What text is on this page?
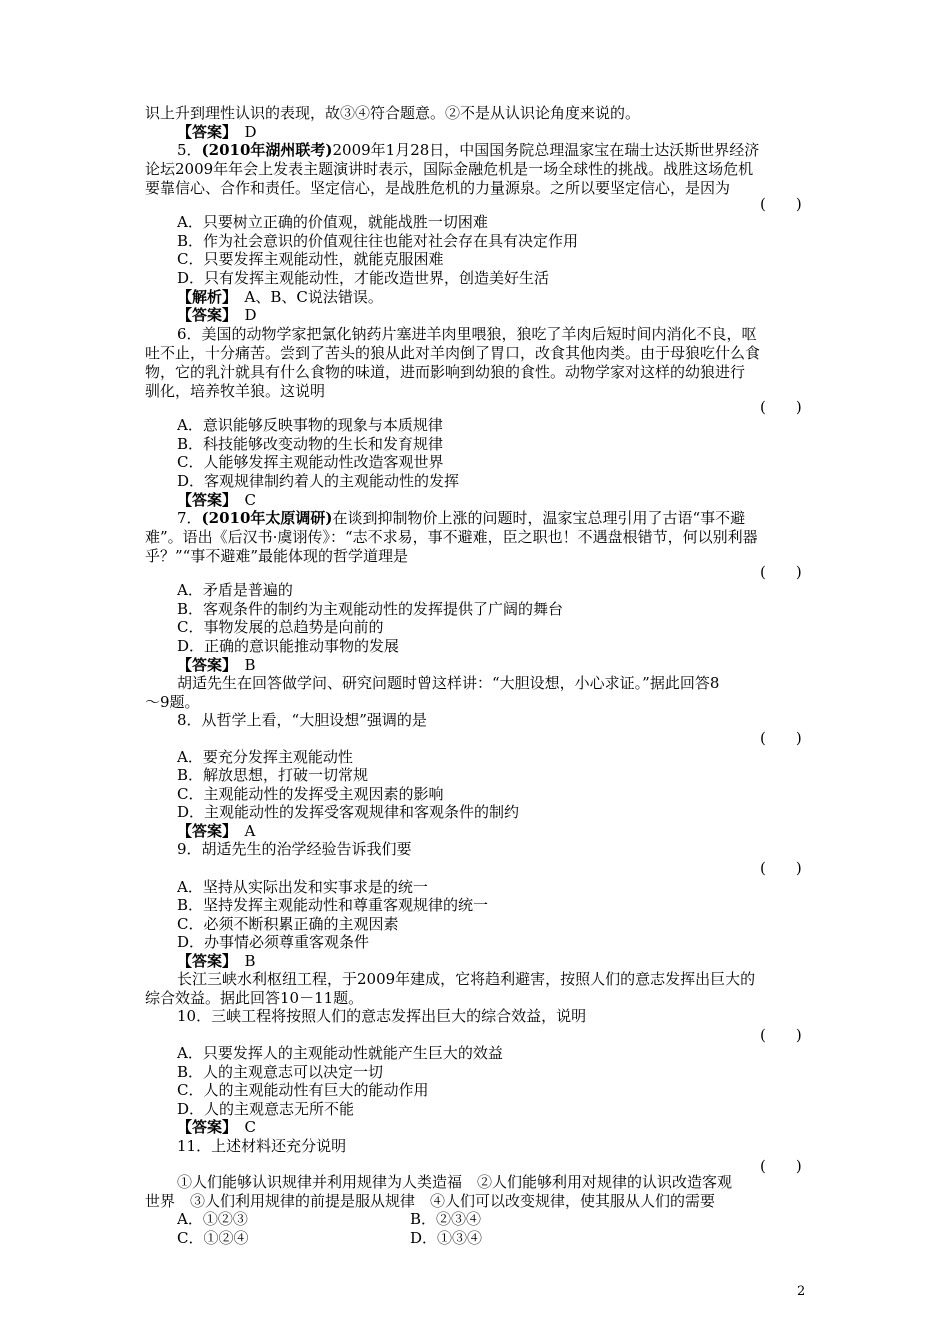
识上升到理性认识的表现，故③④符合题意。②不是从认识论角度来说的。
【答案】　 D
5．(2010年湖州联考)2009年1月28日，中国国务院总理温家宝在瑞士达沃斯世界经济
论坛2009年年会上发表主题演讲时表示，国际金融危机是一场全球性的挑战。战胜这场危机
要靠信心、合作和责任。坚定信心，是战胜危机的力量源泉。之所以要坚定信心，是因为
(　　)
A．只要树立正确的价值观，就能战胜一切困难
B．作为社会意识的价值观往往也能对社会存在具有决定作用
C．只要发挥主观能动性，就能克服困难
D．只有发挥主观能动性，才能改造世界，创造美好生活
【解析】　 A、B、C说法错误。
【答案】　 D
6．美国的动物学家把氯化钠药片塞进羊肉里喂狼，狼吃了羊肉后短时间内消化不良，呕
吐不止，十分痛苦。尝到了苦头的狼从此对羊肉倒了胃口，改食其他肉类。由于母狼吃什么食
物，它的乳汁就具有什么食物的味道，进而影响到幼狼的食性。动物学家对这样的幼狼进行
驯化，培养牧羊狼。这说明
(　　)
A．意识能够反映事物的现象与本质规律
B．科技能够改变动物的生长和发育规律
C．人能够发挥主观能动性改造客观世界
D．客观规律制约着人的主观能动性的发挥
【答案】　 C
7．(2010年太原调研)在谈到抑制物价上涨的问题时，温家宝总理引用了古语“事不避
难”。语出《后汉书·虞诩传》：“志不求易，事不避难，臣之职也！不遇盘根错节，何以别利器
乎？”“事不避难”最能体现的哲学道理是
(　　)
A．矛盾是普遍的
B．客观条件的制约为主观能动性的发挥提供了广阔的舞台
C．事物发展的总趋势是向前的
D．正确的意识能推动事物的发展
【答案】　 B
胡适先生在回答做学问、研究问题时曾这样讲：“大胆设想，小心求证。”据此回答8
～9题。
8．从哲学上看，“大胆设想”强调的是
(　　)
A．要充分发挥主观能动性
B．解放思想，打破一切常规
C．主观能动性的发挥受主观因素的影响
D．主观能动性的发挥受客观规律和客观条件的制约
【答案】　 A
9．胡适先生的治学经验告诉我们要
(　　)
A．坚持从实际出发和实事求是的统一
B．坚持发挥主观能动性和尊重客观规律的统一
C．必须不断积累正确的主观因素
D．办事情必须尊重客观条件
【答案】　 B
长江三峡水利枢纽工程，于2009年建成，它将趋利避害，按照人们的意志发挥出巨大的
综合效益。据此回答10－11题。
10．三峡工程将按照人们的意志发挥出巨大的综合效益，说明
(　　)
A．只要发挥人的主观能动性就能产生巨大的效益
B．人的主观意志可以决定一切
C．人的主观能动性有巨大的能动作用
D．人的主观意志无所不能
【答案】　 C
11．上述材料还充分说明
(　　)
①人们能够认识规律并利用规律为人类造福　②人们能够利用对规律的认识改造客观
世界　③人们利用规律的前提是服从规律　④人们可以改变规律，使其服从人们的需要
A．①②③	B．②③④
C．①②④	D．①③④
2
